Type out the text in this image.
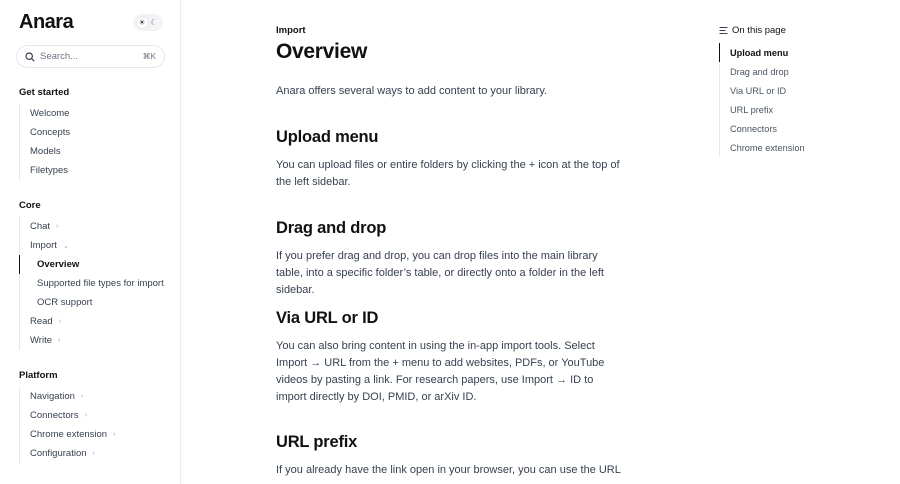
Anara	☀ ☾
Search...	⌘K
Get started
Welcome
Concepts
Models
Filetypes
Core
Chat ›
Import ⌄
Overview
Supported file types for import
OCR support
Read ›
Write ›
Platform
Navigation ›
Connectors ›
Chrome extension ›
Configuration ›
Import
Overview
Anara offers several ways to add content to your library.
Upload menu
You can upload files or entire folders by clicking the + icon at the top of the left sidebar.
Drag and drop
If you prefer drag and drop, you can drop files into the main library table, into a specific folder’s table, or directly onto a folder in the left sidebar.
Via URL or ID
You can also bring content in using the in-app import tools. Select Import → URL from the + menu to add websites, PDFs, or YouTube videos by pasting a link. For research papers, use Import → ID to import directly by DOI, PMID, or arXiv ID.
URL prefix
If you already have the link open in your browser, you can use the URL
On this page
Upload menu
Drag and drop
Via URL or ID
URL prefix
Connectors
Chrome extension
